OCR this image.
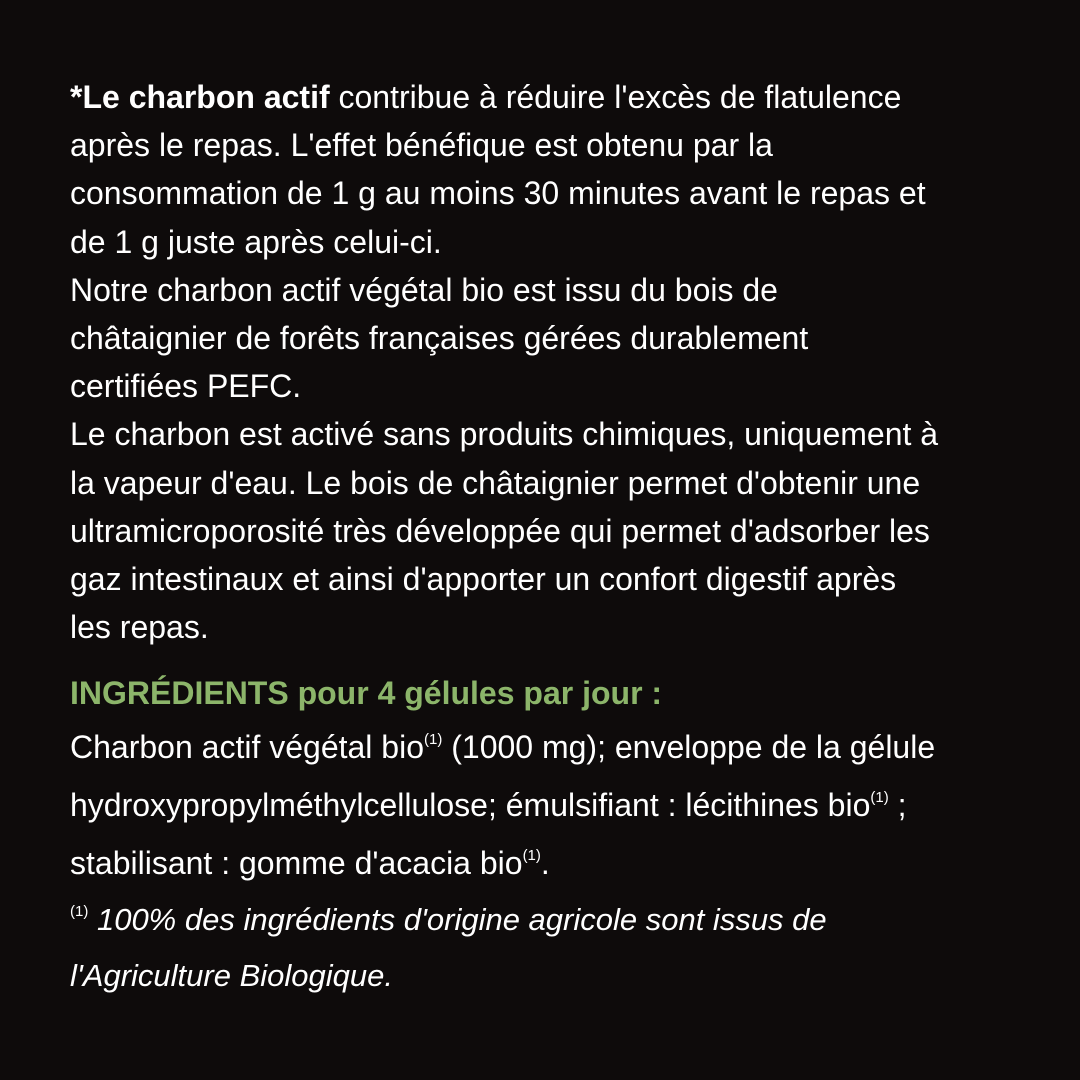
*Le charbon actif contribue à réduire l'excès de flatulence
après le repas. L'effet bénéfique est obtenu par la
consommation de 1 g au moins 30 minutes avant le repas et
de 1 g juste après celui-ci.
Notre charbon actif végétal bio est issu du bois de
châtaignier de forêts françaises gérées durablement
certifiées PEFC.
Le charbon est activé sans produits chimiques, uniquement à
la vapeur d'eau. Le bois de châtaignier permet d'obtenir une
ultramicroporosité très développée qui permet d'adsorber les
gaz intestinaux et ainsi d'apporter un confort digestif après
les repas.
INGRÉDIENTS pour 4 gélules par jour :
Charbon actif végétal bio$^{(1)}$ (1000 mg); enveloppe de la gélule
hydroxypropylméthylcellulose; émulsifiant : lécithines bio$^{(1)}$ ;
stabilisant : gomme d'acacia bio$^{(1)}$.
$^{(1)}$ 100% des ingrédients d'origine agricole sont issus de
l'Agriculture Biologique.
